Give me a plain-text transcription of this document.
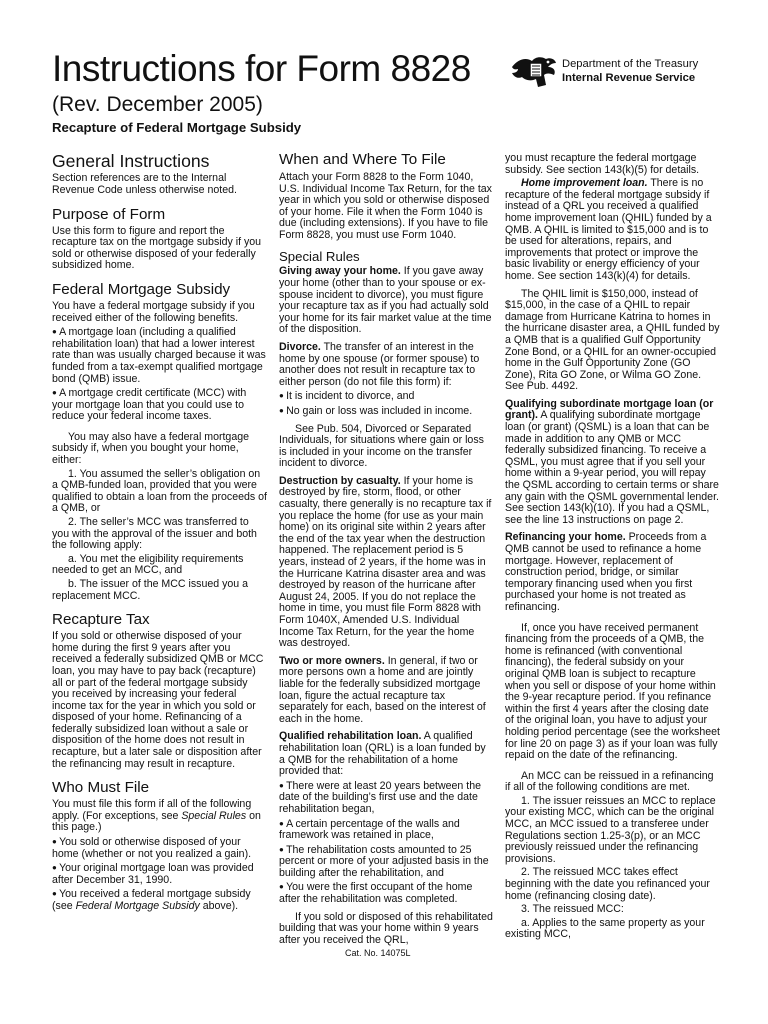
Instructions for Form 8828
(Rev. December 2005)
Recapture of Federal Mortgage Subsidy
Department of the Treasury
Internal Revenue Service
General Instructions

Section references are to the Internal Revenue Code unless otherwise noted.

Purpose of Form

Use this form to figure and report the recapture tax on the mortgage subsidy if you sold or otherwise disposed of your federally subsidized home.

Federal Mortgage Subsidy

You have a federal mortgage subsidy if you received either of the following benefits.

● A mortgage loan (including a qualified rehabilitation loan) that had a lower interest rate than was usually charged because it was funded from a tax-exempt qualified mortgage bond (QMB) issue.

● A mortgage credit certificate (MCC) with your mortgage loan that you could use to reduce your federal income taxes.

You may also have a federal mortgage subsidy if, when you bought your home, either:

1. You assumed the seller’s obligation on a QMB-funded loan, provided that you were qualified to obtain a loan from the proceeds of a QMB, or

2. The seller’s MCC was transferred to you with the approval of the issuer and both the following apply:

a. You met the eligibility requirements needed to get an MCC, and

b. The issuer of the MCC issued you a replacement MCC.

Recapture Tax

If you sold or otherwise disposed of your home during the first 9 years after you received a federally subsidized QMB or MCC loan, you may have to pay back (recapture) all or part of the federal mortgage subsidy you received by increasing your federal income tax for the year in which you sold or disposed of your home. Refinancing of a federally subsidized loan without a sale or disposition of the home does not result in recapture, but a later sale or disposition after the refinancing may result in recapture.

Who Must File

You must file this form if all of the following apply. (For exceptions, see Special Rules on this page.)

● You sold or otherwise disposed of your home (whether or not you realized a gain).

● Your original mortgage loan was provided after December 31, 1990.

● You received a federal mortgage subsidy (see Federal Mortgage Subsidy above).

When and Where To File

Attach your Form 8828 to the Form 1040, U.S. Individual Income Tax Return, for the tax year in which you sold or otherwise disposed of your home. File it when the Form 1040 is due (including extensions). If you have to file Form 8828, you must use Form 1040.

Special Rules

Giving away your home. If you gave away your home (other than to your spouse or ex-spouse incident to divorce), you must figure your recapture tax as if you had actually sold your home for its fair market value at the time of the disposition.

Divorce. The transfer of an interest in the home by one spouse (or former spouse) to another does not result in recapture tax to either person (do not file this form) if:

● It is incident to divorce, and

● No gain or loss was included in income.

See Pub. 504, Divorced or Separated Individuals, for situations where gain or loss is included in your income on the transfer incident to divorce.

Destruction by casualty. If your home is destroyed by fire, storm, flood, or other casualty, there generally is no recapture tax if you replace the home (for use as your main home) on its original site within 2 years after the end of the tax year when the destruction happened. The replacement period is 5 years, instead of 2 years, if the home was in the Hurricane Katrina disaster area and was destroyed by reason of the hurricane after August 24, 2005. If you do not replace the home in time, you must file Form 8828 with Form 1040X, Amended U.S. Individual Income Tax Return, for the year the home was destroyed.

Two or more owners. In general, if two or more persons own a home and are jointly liable for the federally subsidized mortgage loan, figure the actual recapture tax separately for each, based on the interest of each in the home.

Qualified rehabilitation loan. A qualified rehabilitation loan (QRL) is a loan funded by a QMB for the rehabilitation of a home provided that:

● There were at least 20 years between the date of the building’s first use and the date rehabilitation began,

● A certain percentage of the walls and framework was retained in place,

● The rehabilitation costs amounted to 25 percent or more of your adjusted basis in the building after the rehabilitation, and

● You were the first occupant of the home after the rehabilitation was completed.

If you sold or disposed of this rehabilitated building that was your home within 9 years after you received the QRL,

you must recapture the federal mortgage subsidy. See section 143(k)(5) for details.

Home improvement loan. There is no recapture of the federal mortgage subsidy if instead of a QRL you received a qualified home improvement loan (QHIL) funded by a QMB. A QHIL is limited to $15,000 and is to be used for alterations, repairs, and improvements that protect or improve the basic livability or energy efficiency of your home. See section 143(k)(4) for details.

The QHIL limit is $150,000, instead of $15,000, in the case of a QHIL to repair damage from Hurricane Katrina to homes in the hurricane disaster area, a QHIL funded by a QMB that is a qualified Gulf Opportunity Zone Bond, or a QHIL for an owner-occupied home in the Gulf Opportunity Zone (GO Zone), Rita GO Zone, or Wilma GO Zone. See Pub. 4492.

Qualifying subordinate mortgage loan (or grant). A qualifying subordinate mortgage loan (or grant) (QSML) is a loan that can be made in addition to any QMB or MCC federally subsidized financing. To receive a QSML, you must agree that if you sell your home within a 9-year period, you will repay the QSML according to certain terms or share any gain with the QSML governmental lender. See section 143(k)(10). If you had a QSML, see the line 13 instructions on page 2.

Refinancing your home. Proceeds from a QMB cannot be used to refinance a home mortgage. However, replacement of construction period, bridge, or similar temporary financing used when you first purchased your home is not treated as refinancing.

If, once you have received permanent financing from the proceeds of a QMB, the home is refinanced (with conventional financing), the federal subsidy on your original QMB loan is subject to recapture when you sell or dispose of your home within the 9-year recapture period. If you refinance within the first 4 years after the closing date of the original loan, you have to adjust your holding period percentage (see the worksheet for line 20 on page 3) as if your loan was fully repaid on the date of the refinancing.

An MCC can be reissued in a refinancing if all of the following conditions are met.

1. The issuer reissues an MCC to replace your existing MCC, which can be the original MCC, an MCC issued to a transferee under Regulations section 1.25-3(p), or an MCC previously reissued under the refinancing provisions.

2. The reissued MCC takes effect beginning with the date you refinanced your home (refinancing closing date).

3. The reissued MCC:

a. Applies to the same property as your existing MCC,

Cat. No. 14075L
